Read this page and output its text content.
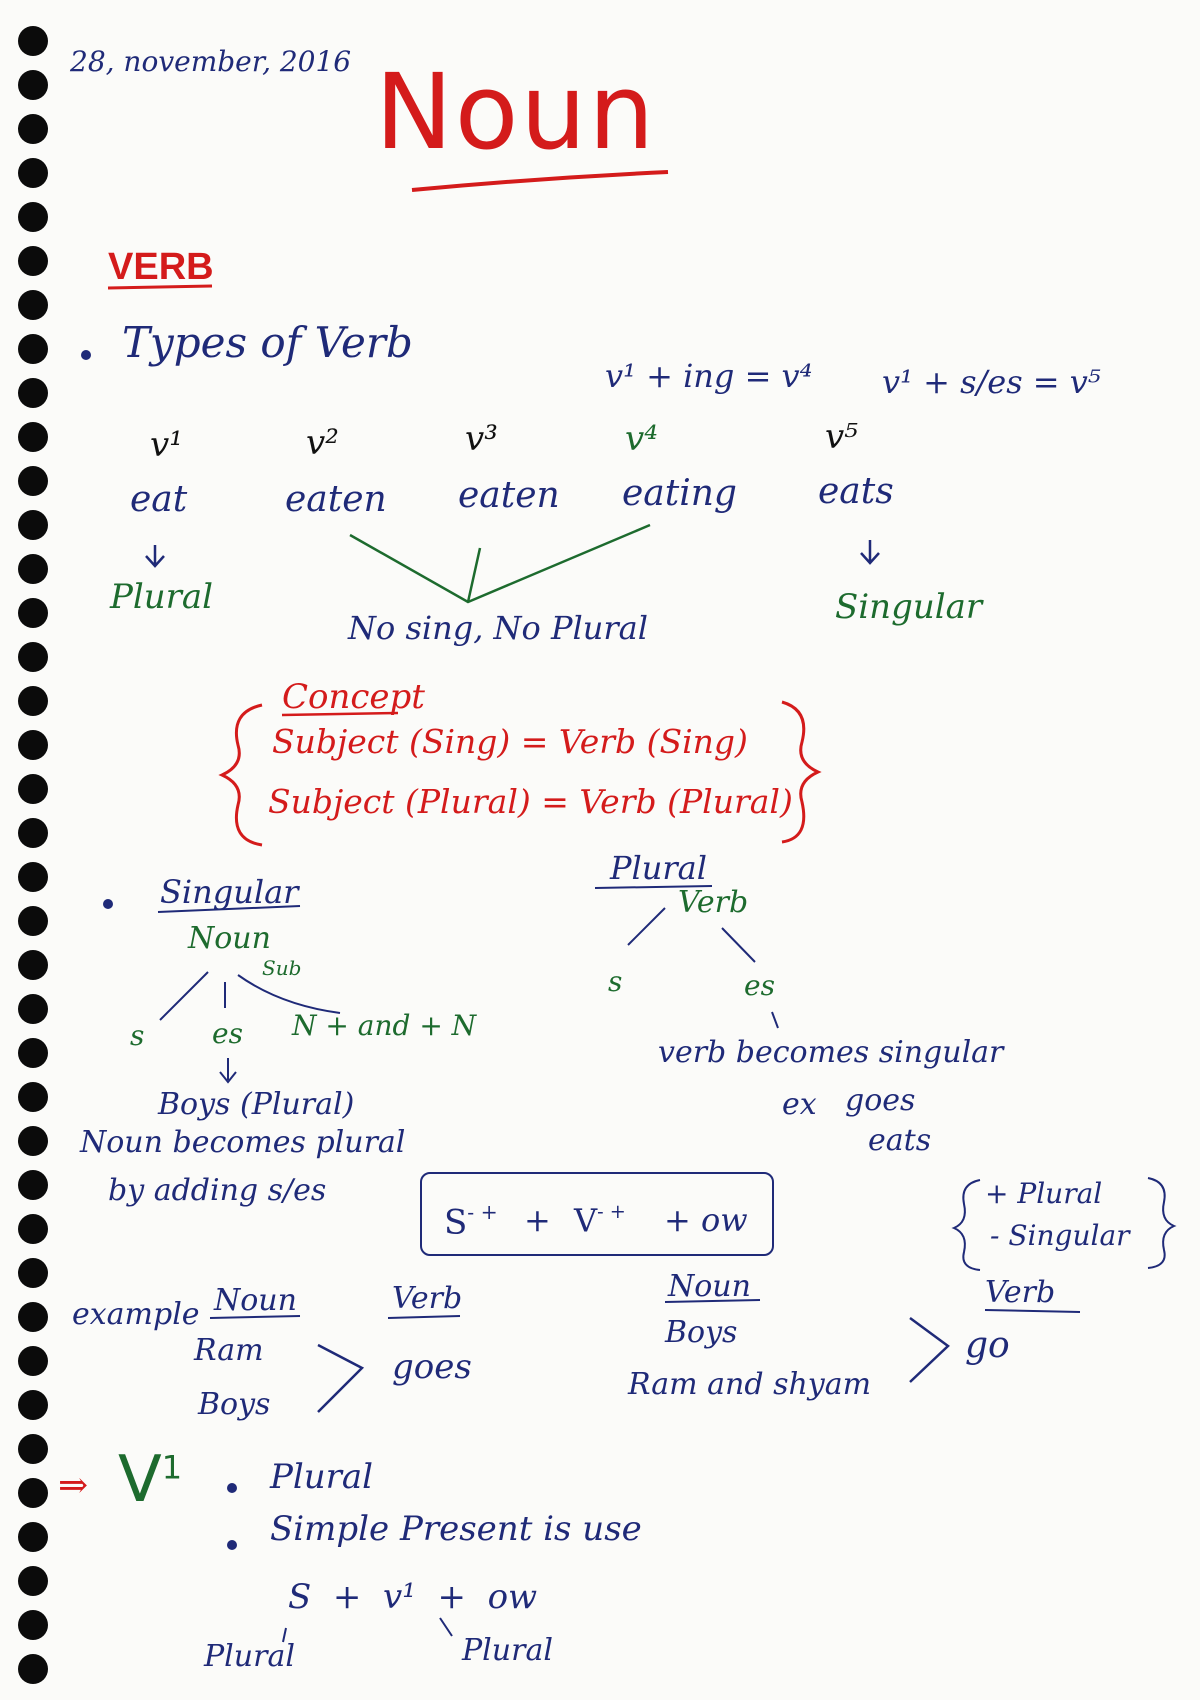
28, november, 2016 Noun
VERB
Types of Verb
v¹ + ing = v⁴ v¹ + s/es = v⁵
v¹	v²	v³	v⁴	v⁵
eat	eaten eaten eating eats
Plural	Singular
No sing, No Plural
Concept
Subject (Sing) = Verb (Sing)
Subject (Plural) = Verb (Plural)
Singular
Noun
Sub
s es N + and + N
Boys (Plural)
Noun becomes plural
by adding s/es
Plural
Verb
s	es
verb becomes singular
ex goes
eats
S- + + V- + + ow
+ Plural
- Singular
example Noun	Verb
Ram
Boys
goes
Noun	Verb
Boys
Ram and shyam
go
⇒ $V^1$	Plural
Simple Present is use
S  +  v¹  +  ow
Plural	Plural
